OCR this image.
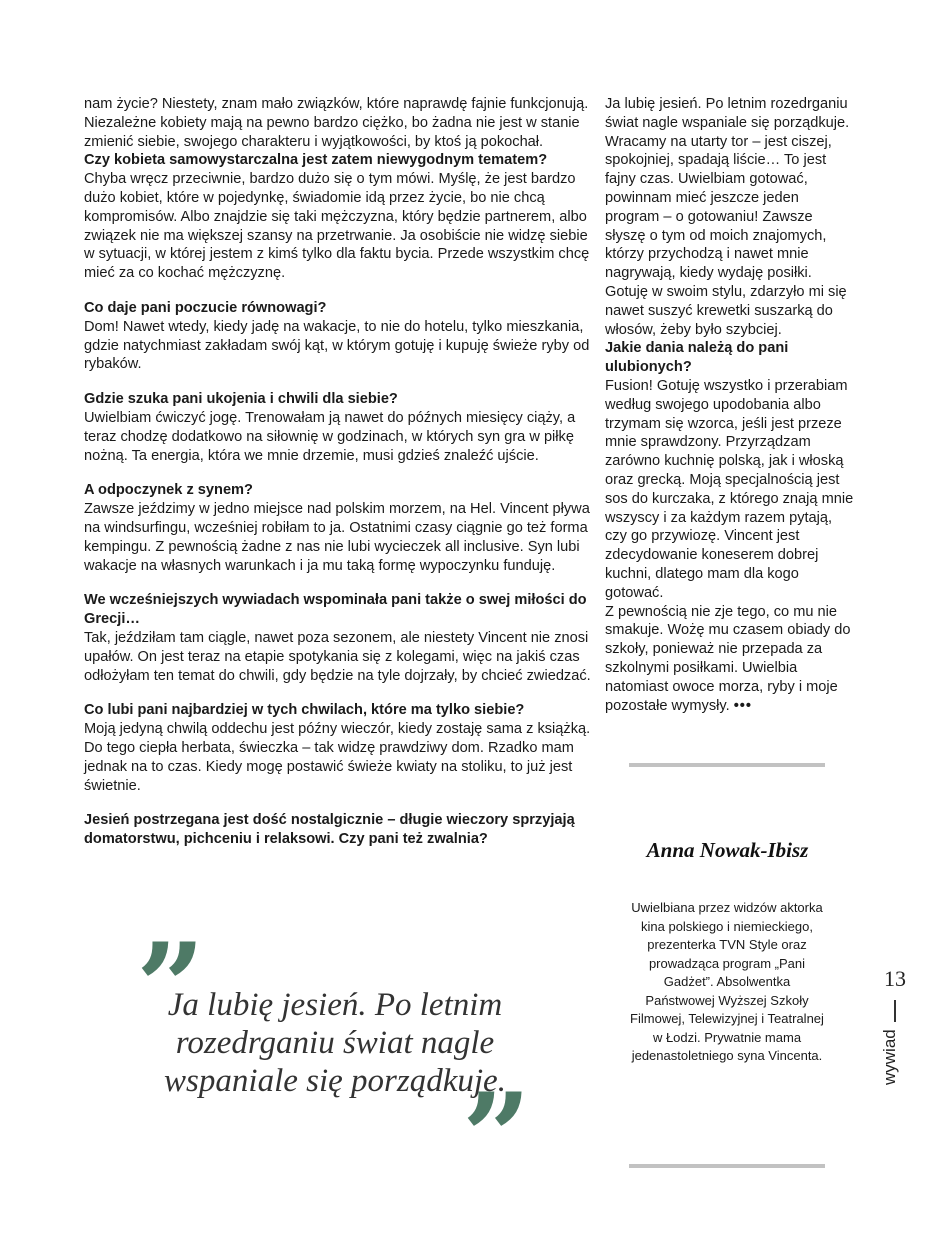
nam życie? Niestety, znam mało związków, które naprawdę fajnie funkcjonują. Niezależne kobiety mają na pewno bardzo ciężko, bo żadna nie jest w stanie zmienić siebie, swojego charakteru i wyjątkowości, by ktoś ją pokochał.

Czy kobieta samowystarczalna jest zatem niewygodnym tematem?

Chyba wręcz przeciwnie, bardzo dużo się o tym mówi. Myślę, że jest bardzo dużo kobiet, które w pojedynkę, świadomie idą przez życie, bo nie chcą kompromisów. Albo znajdzie się taki mężczyzna, który będzie partnerem, albo związek nie ma większej szansy na przetrwanie. Ja osobiście nie widzę siebie w sytuacji, w której jestem z kimś tylko dla faktu bycia. Przede wszystkim chcę mieć za co kochać mężczyznę.

Co daje pani poczucie równowagi?

Dom! Nawet wtedy, kiedy jadę na wakacje, to nie do hotelu, tylko mieszkania, gdzie natychmiast zakładam swój kąt, w którym gotuję i kupuję świeże ryby od rybaków.

Gdzie szuka pani ukojenia i chwili dla siebie?

Uwielbiam ćwiczyć jogę. Trenowałam ją nawet do późnych miesięcy ciąży, a teraz chodzę dodatkowo na siłownię w godzinach, w których syn gra w piłkę nożną. Ta energia, która we mnie drzemie, musi gdzieś znaleźć ujście.

A odpoczynek z synem?

Zawsze jeździmy w jedno miejsce nad polskim morzem, na Hel. Vincent pływa na windsurfingu, wcześniej robiłam to ja. Ostatnimi czasy ciągnie go też forma kempingu. Z pewnością żadne z nas nie lubi wycieczek all inclusive. Syn lubi wakacje na własnych warunkach i ja mu taką formę wypoczynku funduję.

We wcześniejszych wywiadach wspominała pani także o swej miłości do Grecji…

Tak, jeździłam tam ciągle, nawet poza sezonem, ale niestety Vincent nie znosi upałów. On jest teraz na etapie spotykania się z kolegami, więc na jakiś czas odłożyłam ten temat do chwili, gdy będzie na tyle dojrzały, by chcieć zwiedzać.

Co lubi pani najbardziej w tych chwilach, które ma tylko siebie?

Moją jedyną chwilą oddechu jest późny wieczór, kiedy zostaję sama z książką. Do tego ciepła herbata, świeczka – tak widzę prawdziwy dom. Rzadko mam jednak na to czas. Kiedy mogę postawić świeże kwiaty na stoliku, to już jest świetnie.

Jesień postrzegana jest dość nostalgicznie – długie wieczory sprzyjają domatorstwu, pichceniu i relaksowi. Czy pani też zwalnia?

Ja lubię jesień. Po letnim rozedrganiu świat nagle wspaniale się porządkuje. Wracamy na utarty tor – jest ciszej, spokojniej, spadają liście… To jest fajny czas. Uwielbiam gotować, powinnam mieć jeszcze jeden program – o gotowaniu! Zawsze słyszę o tym od moich znajomych, którzy przychodzą i nawet mnie nagrywają, kiedy wydaję posiłki. Gotuję w swoim stylu, zdarzyło mi się nawet suszyć krewetki suszarką do włosów, żeby było szybciej.

Jakie dania należą do pani ulubionych?

Fusion! Gotuję wszystko i przerabiam według swojego upodobania albo trzymam się wzorca, jeśli jest przeze mnie sprawdzony. Przyrządzam zarówno kuchnię polską, jak i włoską oraz grecką. Moją specjalnością jest sos do kurczaka, z którego znają mnie wszyscy i za każdym razem pytają, czy go przywiozę. Vincent jest zdecydowanie koneserem dobrej kuchni, dlatego mam dla kogo gotować.

Z pewnością nie zje tego, co mu nie smakuje. Wożę mu czasem obiady do szkoły, ponieważ nie przepada za szkolnymi posiłkami. Uwielbia natomiast owoce morza, ryby i moje pozostałe wymysły. •••

”
Ja lubię jesień. Po letnim rozedrganiu świat nagle wspaniale się porządkuje.
”
Anna Nowak-Ibisz
Uwielbiana przez widzów aktorka kina polskiego i niemieckiego, prezenterka TVN Style oraz prowadząca program „Pani Gadżet”. Absolwentka Państwowej Wyższej Szkoły Filmowej, Telewizyjnej i Teatralnej w Łodzi. Prywatnie mama jedenastoletniego syna Vincenta.
13
wywiad
